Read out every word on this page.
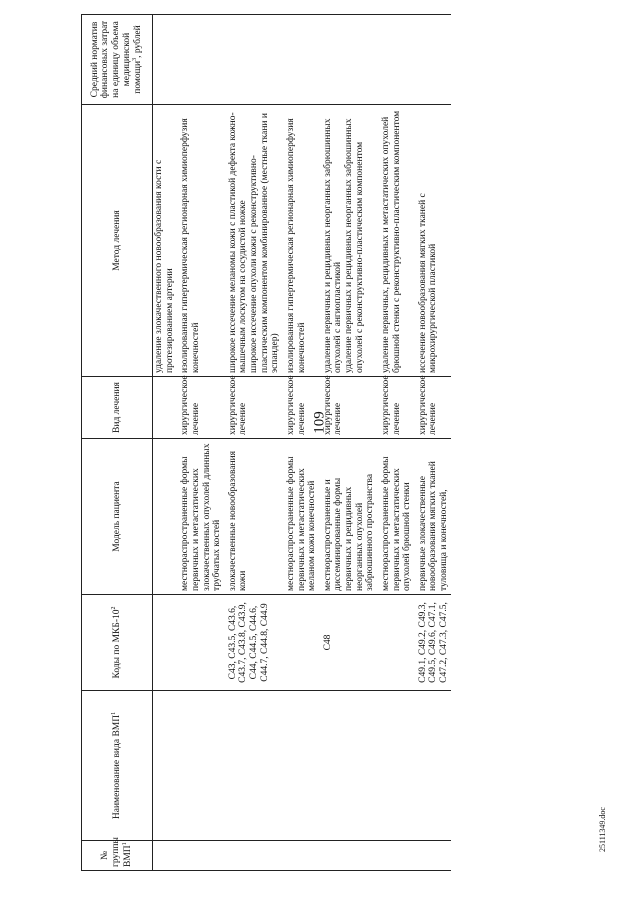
109
25111349.doc
№ группы ВМП$^1$	Наименование вида ВМП$^1$	Коды по МКБ-$10^2$	Модель пациента	Вид лечения	Метод лечения	Средний норматив финансовых затрат на единицу объема медицинской помощи$^3$, рублей
					удаление злокачественного новообразования кости с протезированием артерии	
			местнораспространенные формы первичных и метастатических злокачественных опухолей длинных трубчатых костей	хирургическое лечение	изолированная гипертермическая регионарная химиоперфузия конечностей	
		C43, C43.5, C43.6, C43.7, C43.8, C43.9, C44, C44.5, C44.6, C44.7, C44.8, C44.9	злокачественные новообразования кожи	хирургическое лечение	широкое иссечение меланомы кожи с пластикой дефекта кожно-мышечным лоскутом на сосудистой ножке широкое иссечение опухоли кожи с реконструктивно-пластическим компонентом комбинированное (местные ткани и эспандер)	

			местнораспространенные формы первичных и метастатических меланом кожи конечностей	хирургическое лечение	изолированная гипертермическая регионарная химиоперфузия конечностей	
		C48	местнораспространенные и диссеминированные формы первичных и рецидивных неорганных опухолей забрюшинного пространства	хирургическое лечение	удаление первичных и рецидивных неорганных забрюшинных опухолей с ангиопластикой удаление первичных и рецидивных неорганных забрюшинных опухолей с реконструктивно-пластическим компонентом	

			местнораспространенные формы первичных и метастатических опухолей брюшной стенки	хирургическое лечение	удаление первичных, рецидивных и метастатических опухолей брюшной стенки с реконструктивно-пластическим компонентом	
		C49.1, C49.2, C49.3, C49.5, C49.6, C47.1, C47.2, C47.3, C47.5,	первичные злокачественные новообразования мягких тканей туловища и конечностей,	хирургическое лечение	иссечение новообразования мягких тканей с микрохирургической пластикой	
